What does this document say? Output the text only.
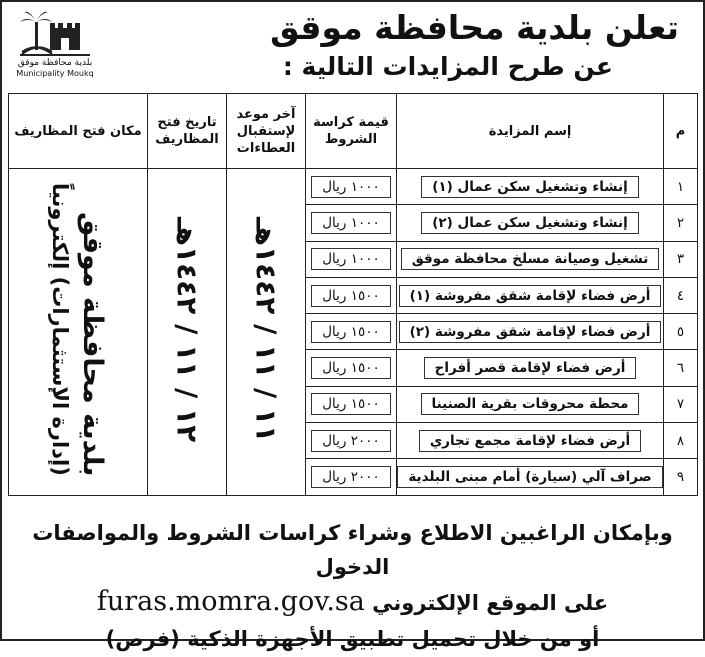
بلدية محافظة موقق
Municipality Moukq
تعلن بلدية محافظة موقق
عن طرح المزايدات التالية :
م	إسم المزايدة	قيمة كراسة الشروط	آخر موعد لإستقبال العطاءات	تاريخ فتح المظاريف	مكان فتح المظاريف
١	إنشاء وتشغيل سكن عمال (١)	١٠٠٠ ريال	١١ / ١١ / ١٤٤٢هـ	١٢ / ١١ / ١٤٤٢هـ	بلدية محافظة موقق (إدارة الإستثمارات) إلكترونياً
٢	إنشاء وتشغيل سكن عمال (٢)	١٠٠٠ ريال			
٣	تشغيل وصيانة مسلخ محافظة موقق	١٠٠٠ ريال			
٤	أرض فضاء لإقامة شقق مفروشة (١)	١٥٠٠ ريال			
٥	أرض فضاء لإقامة شقق مفروشة (٢)	١٥٠٠ ريال			
٦	أرض فضاء لإقامة قصر أفراح	١٥٠٠ ريال			
٧	محطة محروقات بقرية الصنينا	١٥٠٠ ريال			
٨	أرض فضاء لإقامة مجمع تجاري	٢٠٠٠ ريال			
٩	صراف آلي (سيارة) أمام مبنى البلدية	٢٠٠٠ ريال			
وبإمكان الراغبين الاطلاع وشراء كراسات الشروط والمواصفات الدخول
على الموقع الإلكتروني furas.momra.gov.sa
أو من خلال تحميل تطبيق الأجهزة الذكية (فرص)
